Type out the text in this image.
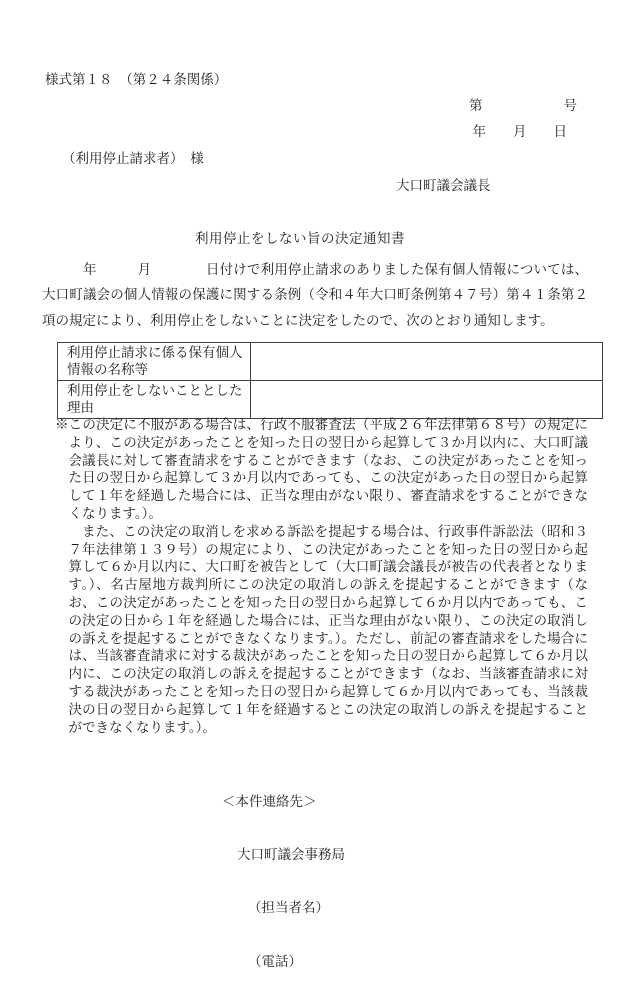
様式第１８　（第２４条関係）
第　　　　　　号
年　　月　　日
（利用停止請求者）　様
大口町議会議長
利用停止をしない旨の決定通知書
　　　年　　　月　　　　日付けで利用停止請求のありました保有個人情報については、大口町議会の個人情報の保護に関する条例（令和４年大口町条例第４７号）第４１条第２項の規定により、利用停止をしないことに決定をしたので、次のとおり通知します。
利用停止請求に係る保有個人情報の名称等	
利用停止をしないこととした理由	

※この決定に不服がある場合は、行政不服審査法（平成２６年法律第６８号）の規定により、この決定があったことを知った日の翌日から起算して３か月以内に、大口町議会議長に対して審査請求をすることができます（なお、この決定があったことを知った日の翌日から起算して３か月以内であっても、この決定があった日の翌日から起算して１年を経過した場合には、正当な理由がない限り、審査請求をすることができなくなります。）。

また、この決定の取消しを求める訴訟を提起する場合は、行政事件訴訟法（昭和３７年法律第１３９号）の規定により、この決定があったことを知った日の翌日から起算して６か月以内に、大口町を被告として（大口町議会議長が被告の代表者となります。）、名古屋地方裁判所にこの決定の取消しの訴えを提起することができます（なお、この決定があったことを知った日の翌日から起算して６か月以内であっても、この決定の日から１年を経過した場合には、正当な理由がない限り、この決定の取消しの訴えを提起することができなくなります。）。ただし、前記の審査請求をした場合には、当該審査請求に対する裁決があったことを知った日の翌日から起算して６か月以内に、この決定の取消しの訴えを提起することができます（なお、当該審査請求に対する裁決があったことを知った日の翌日から起算して６か月以内であっても、当該裁決の日の翌日から起算して１年を経過するとこの決定の取消しの訴えを提起することができなくなります。）。

＜本件連絡先＞

大口町議会事務局

（担当者名）

（電話）
